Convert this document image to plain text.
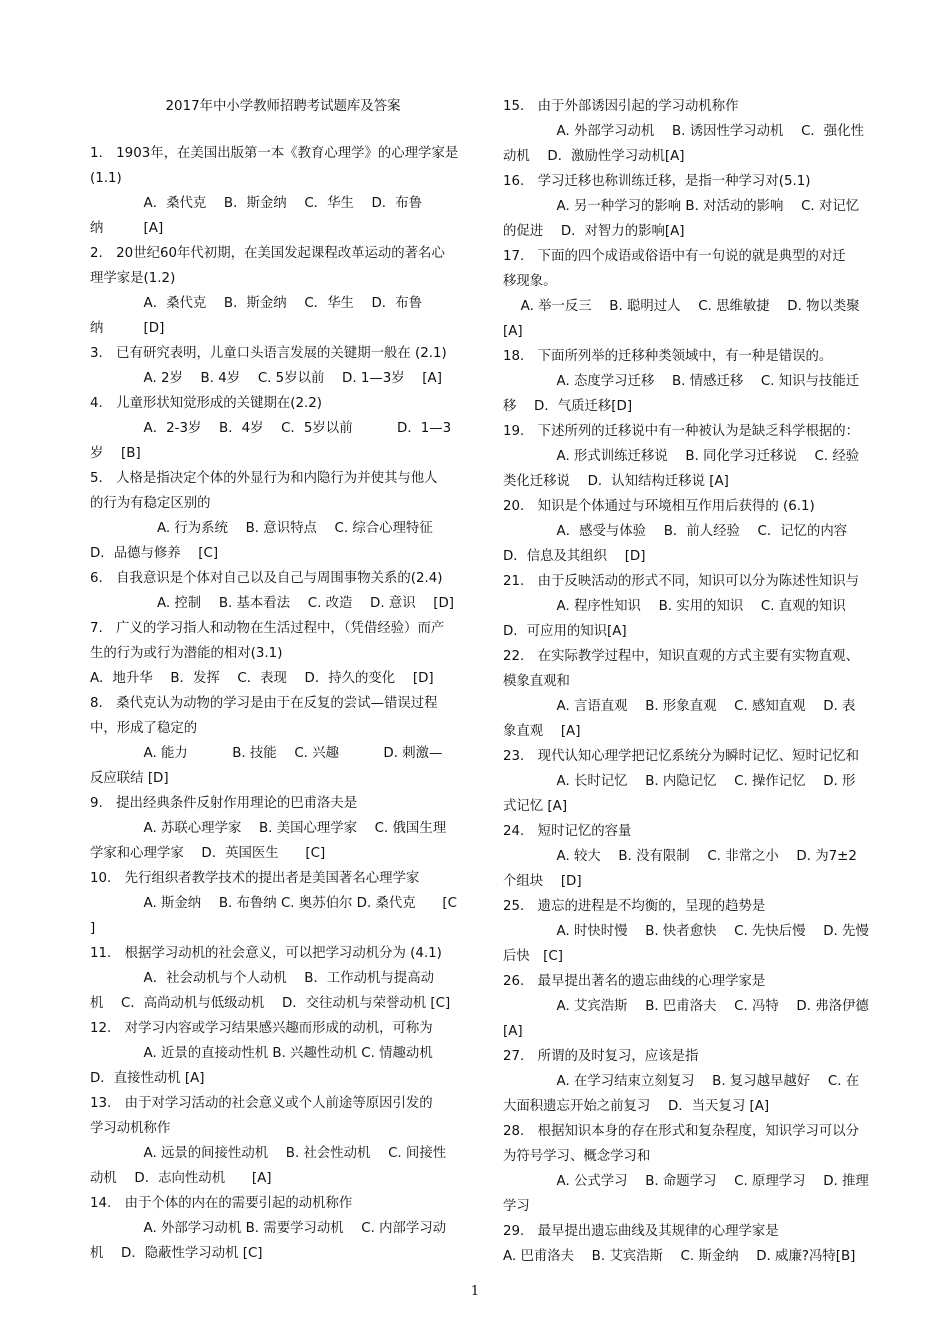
2017年中小学教师招聘考试题库及答案
1.　1903年，在美国出版第一本《教育心理学》的心理学家是
(1.1)
　　　　A．桑代克　 B．斯金纳　 C．华生　 D．布鲁
纳　　　[A]
2.　20世纪60年代初期，在美国发起课程改革运动的著名心
理学家是(1.2)
　　　　A．桑代克　 B．斯金纳　 C．华生　 D．布鲁
纳　　　[D]
3.　已有研究表明，儿童口头语言发展的关键期一般在 (2.1)
　　　　A. 2岁　 B. 4岁　 C. 5岁以前　 D. 1—3岁　 [A]
4.　儿童形状知觉形成的关键期在(2.2)
　　　　A．2-3岁　 B．4岁　 C．5岁以前　　　 D．1—3
岁　 [B]
5.　人格是指决定个体的外显行为和内隐行为并使其与他人
的行为有稳定区别的
　　　　　A. 行为系统　 B. 意识特点　 C. 综合心理特征
D．品德与修养　 [C]
6.　自我意识是个体对自己以及自己与周围事物关系的(2.4)
　　　　　A. 控制　 B. 基本看法　 C. 改造　 D. 意识　 [D]
7.　广义的学习指人和动物在生活过程中，（凭借经验）而产
生的行为或行为潜能的相对(3.1)
A．地升华　 B．发挥　 C．表现　 D．持久的变化　 [D]
8.　桑代克认为动物的学习是由于在反复的尝试—错误过程
中，形成了稳定的
　　　　A. 能力　　　 B. 技能　 C. 兴趣　　　 D. 刺激—
反应联结 [D]
9.　提出经典条件反射作用理论的巴甫洛夫是
　　　　A. 苏联心理学家　 B. 美国心理学家　 C. 俄国生理
学家和心理学家　 D．英国医生　　[C]
10.　先行组织者教学技术的提出者是美国著名心理学家
　　　　A. 斯金纳　 B. 布鲁纳 C. 奥苏伯尔 D. 桑代克　　[C
]
11.　根据学习动机的社会意义，可以把学习动机分为 (4.1)
　　　　A．社会动机与个人动机　 B．工作动机与提高动
机　 C．高尚动机与低级动机　 D．交往动机与荣誉动机 [C]
12.　对学习内容或学习结果感兴趣而形成的动机，可称为
　　　　A. 近景的直接动性机 B. 兴趣性动机 C. 情趣动机
D．直接性动机 [A]
13.　由于对学习活动的社会意义或个人前途等原因引发的
学习动机称作
　　　　A. 远景的间接性动机　 B. 社会性动机　 C. 间接性
动机　 D．志向性动机　　[A]
14.　由于个体的内在的需要引起的动机称作
　　　　A. 外部学习动机 B. 需要学习动机　 C. 内部学习动
机　 D．隐蔽性学习动机 [C]
15.　由于外部诱因引起的学习动机称作
　　　　A. 外部学习动机　 B. 诱因性学习动机　 C．强化性
动机　 D．激励性学习动机[A]
16.　学习迁移也称训练迁移，是指一种学习对(5.1)
　　　　A. 另一种学习的影响 B. 对活动的影响　 C. 对记忆
的促进　 D．对智力的影响[A]
17.　下面的四个成语或俗语中有一句说的就是典型的对迁
移现象。
　 A. 举一反三　 B. 聪明过人　 C. 思维敏捷　 D. 物以类聚
[A]
18.　下面所列举的迁移种类领域中，有一种是错误的。
　　　　A. 态度学习迁移　 B. 情感迁移　 C. 知识与技能迁
移　 D．气质迁移[D]
19.　下述所列的迁移说中有一种被认为是缺乏科学根据的：
　　　　A. 形式训练迁移说　 B. 同化学习迁移说　 C. 经验
类化迁移说　 D．认知结构迁移说 [A]
20.　知识是个体通过与环境相互作用后获得的 (6.1)
　　　　A．感受与体验　 B．前人经验　 C．记忆的内容
D．信息及其组织　 [D]
21.　由于反映活动的形式不同，知识可以分为陈述性知识与
　　　　A. 程序性知识　 B. 实用的知识　 C. 直观的知识
D．可应用的知识[A]
22.　在实际教学过程中，知识直观的方式主要有实物直观、
模象直观和
　　　　A. 言语直观　 B. 形象直观　 C. 感知直观　 D. 表
象直观　 [A]
23.　现代认知心理学把记忆系统分为瞬时记忆、短时记忆和
　　　　A. 长时记忆　 B. 内隐记忆　 C. 操作记忆　 D. 形
式记忆 [A]
24.　短时记忆的容量
　　　　A. 较大　 B. 没有限制　 C. 非常之小　 D. 为7±2
个组块　 [D]
25.　遗忘的进程是不均衡的，呈现的趋势是
　　　　A. 时快时慢　 B. 快者愈快　 C. 先快后慢　 D. 先慢
后快　[C]
26.　最早提出著名的遗忘曲线的心理学家是
　　　　A. 艾宾浩斯　 B. 巴甫洛夫　 C. 冯特　 D. 弗洛伊德
[A]
27.　所谓的及时复习，应该是指
　　　　A. 在学习结束立刻复习　 B. 复习越早越好　 C. 在
大面积遗忘开始之前复习　 D．当天复习 [A]
28.　根据知识本身的存在形式和复杂程度，知识学习可以分
为符号学习、概念学习和
　　　　A. 公式学习　 B. 命题学习　 C. 原理学习　 D. 推理
学习
29.　最早提出遗忘曲线及其规律的心理学家是
A. 巴甫洛夫　 B. 艾宾浩斯　 C. 斯金纳　 D. 威廉?冯特[B]
1
